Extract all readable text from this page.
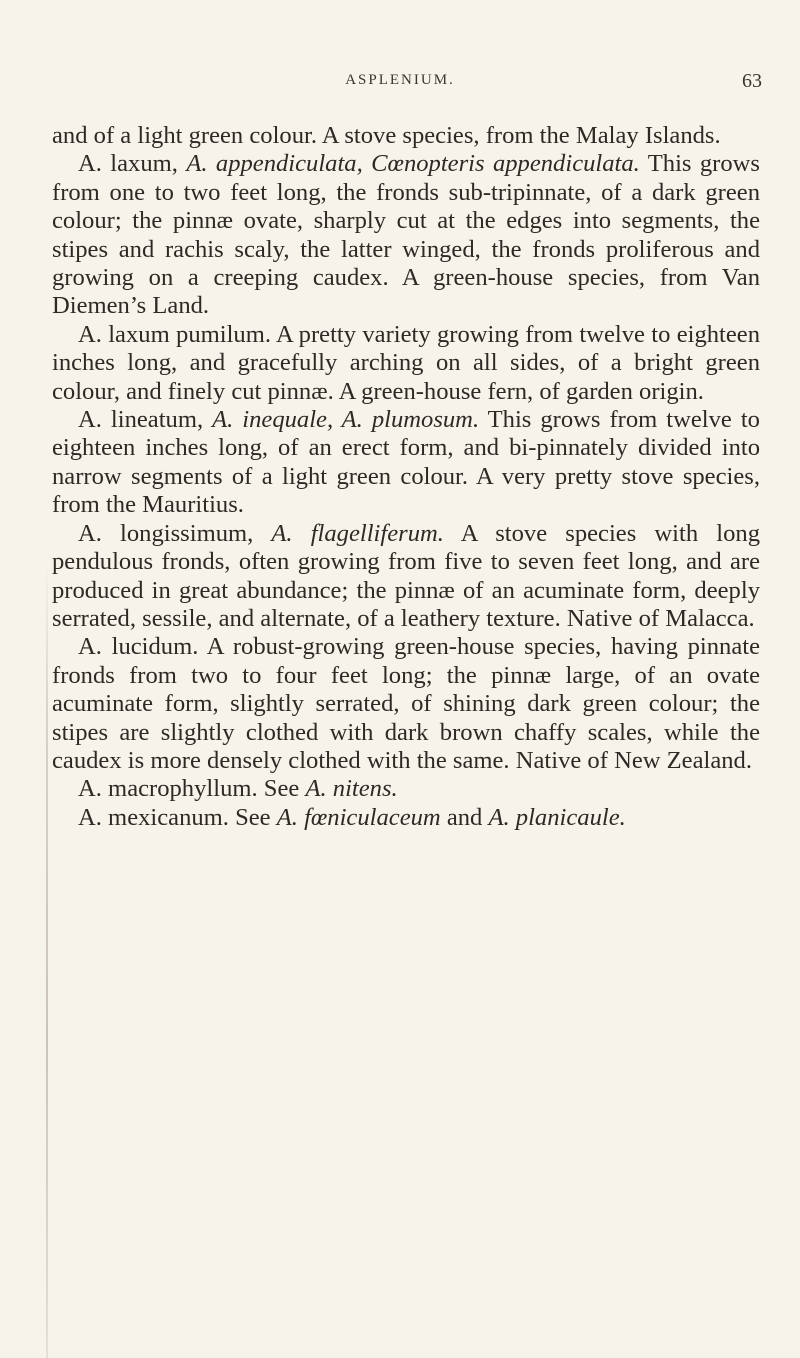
ASPLENIUM.	63

and of a light green colour. A stove species, from the Malay Islands.

A. laxum, A. appendiculata, Cœnopteris appendiculata. This grows from one to two feet long, the fronds sub-tripinnate, of a dark green colour; the pinnæ ovate, sharply cut at the edges into segments, the stipes and rachis scaly, the latter winged, the fronds proliferous and growing on a creeping caudex. A green-house species, from Van Diemen’s Land.

A. laxum pumilum. A pretty variety growing from twelve to eighteen inches long, and gracefully arching on all sides, of a bright green colour, and finely cut pinnæ. A green-house fern, of garden origin.

A. lineatum, A. inequale, A. plumosum. This grows from twelve to eighteen inches long, of an erect form, and bi-pinnately divided into narrow segments of a light green colour. A very pretty stove species, from the Mauritius.

A. longissimum, A. flagelliferum. A stove species with long pendulous fronds, often growing from five to seven feet long, and are produced in great abundance; the pinnæ of an acuminate form, deeply serrated, sessile, and alternate, of a leathery texture. Native of Malacca.

A. lucidum. A robust-growing green-house species, having pinnate fronds from two to four feet long; the pinnæ large, of an ovate acuminate form, slightly serrated, of shining dark green colour; the stipes are slightly clothed with dark brown chaffy scales, while the caudex is more densely clothed with the same. Native of New Zealand.

A. macrophyllum. See A. nitens.

A. mexicanum. See A. fœniculaceum and A. planicaule.
